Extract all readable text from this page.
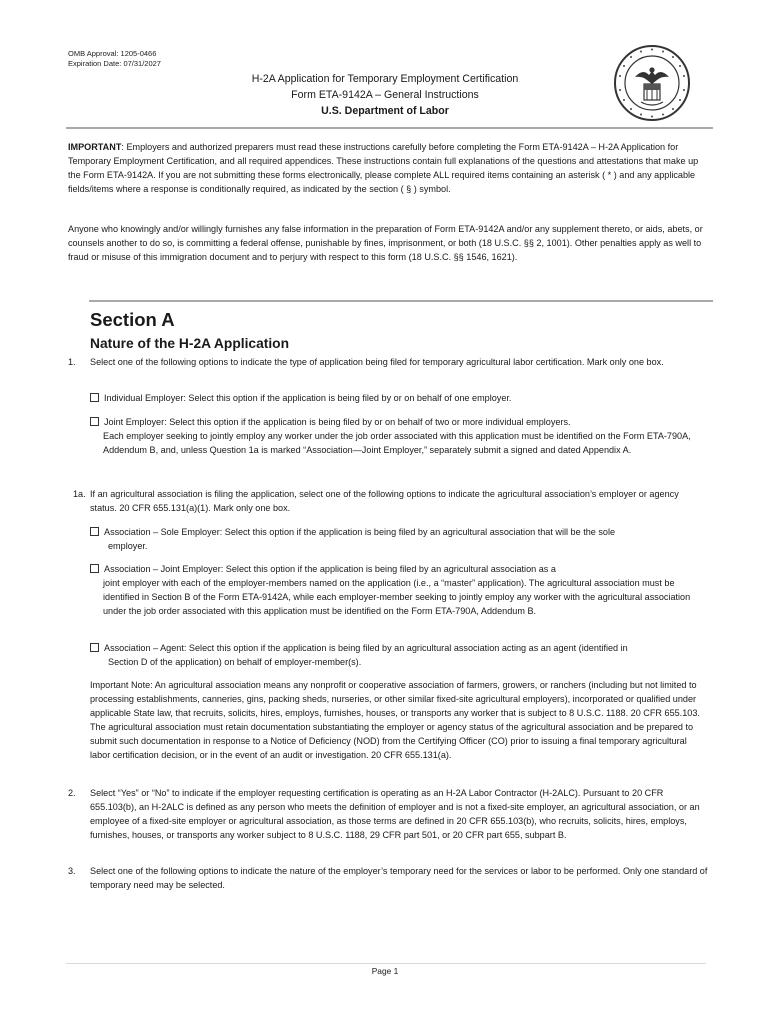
OMB Approval: 1205-0466
Expiration Date: 07/31/2027
H-2A Application for Temporary Employment Certification
Form ETA-9142A – General Instructions
U.S. Department of Labor
IMPORTANT: Employers and authorized preparers must read these instructions carefully before completing the Form ETA-9142A – H-2A Application for Temporary Employment Certification, and all required appendices. These instructions contain full explanations of the questions and attestations that make up the Form ETA-9142A. If you are not submitting these forms electronically, please complete ALL required items containing an asterisk ( * ) and any applicable fields/items where a response is conditionally required, as indicated by the section ( § ) symbol.
Anyone who knowingly and/or willingly furnishes any false information in the preparation of Form ETA-9142A and/or any supplement thereto, or aids, abets, or counsels another to do so, is committing a federal offense, punishable by fines, imprisonment, or both (18 U.S.C. §§ 2, 1001). Other penalties apply as well to fraud or misuse of this immigration document and to perjury with respect to this form (18 U.S.C. §§ 1546, 1621).
Section A
Nature of the H-2A Application
1. Select one of the following options to indicate the type of application being filed for temporary agricultural labor certification. Mark only one box.
Individual Employer: Select this option if the application is being filed by or on behalf of one employer.
Joint Employer: Select this option if the application is being filed by or on behalf of two or more individual employers.
Each employer seeking to jointly employ any worker under the job order associated with this application must be identified on the Form ETA-790A, Addendum B, and, unless Question 1a is marked “Association—Joint Employer,” separately submit a signed and dated Appendix A.
1a. If an agricultural association is filing the application, select one of the following options to indicate the agricultural association’s employer or agency status. 20 CFR 655.131(a)(1). Mark only one box.
Association – Sole Employer: Select this option if the application is being filed by an agricultural association that will be the sole
employer.
Association – Joint Employer: Select this option if the application is being filed by an agricultural association as a
joint employer with each of the employer-members named on the application (i.e., a “master” application). The agricultural association must be identified in Section B of the Form ETA-9142A, while each employer-member seeking to jointly employ any worker with the agricultural association under the job order associated with this application must be identified on the Form ETA-790A, Addendum B.
Association – Agent: Select this option if the application is being filed by an agricultural association acting as an agent (identified in
Section D of the application) on behalf of employer-member(s).
Important Note: An agricultural association means any nonprofit or cooperative association of farmers, growers, or ranchers (including but not limited to processing establishments, canneries, gins, packing sheds, nurseries, or other similar fixed-site agricultural employers), incorporated or qualified under applicable State law, that recruits, solicits, hires, employs, furnishes, houses, or transports any worker that is subject to 8 U.S.C. 1188. 20 CFR 655.103. The agricultural association must retain documentation substantiating the employer or agency status of the agricultural association and be prepared to submit such documentation in response to a Notice of Deficiency (NOD) from the Certifying Officer (CO) prior to issuing a final temporary agricultural labor certification decision, or in the event of an audit or investigation. 20 CFR 655.131(a).
2. Select “Yes” or “No” to indicate if the employer requesting certification is operating as an H-2A Labor Contractor (H-2ALC). Pursuant to 20 CFR 655.103(b), an H-2ALC is defined as any person who meets the definition of employer and is not a fixed-site employer, an agricultural association, or an employee of a fixed-site employer or agricultural association, as those terms are defined in 20 CFR 655.103(b), who recruits, solicits, hires, employs, furnishes, houses, or transports any worker subject to 8 U.S.C. 1188, 29 CFR part 501, or 20 CFR part 655, subpart B.
3. Select one of the following options to indicate the nature of the employer’s temporary need for the services or labor to be performed. Only one standard of temporary need may be selected.
Page 1
